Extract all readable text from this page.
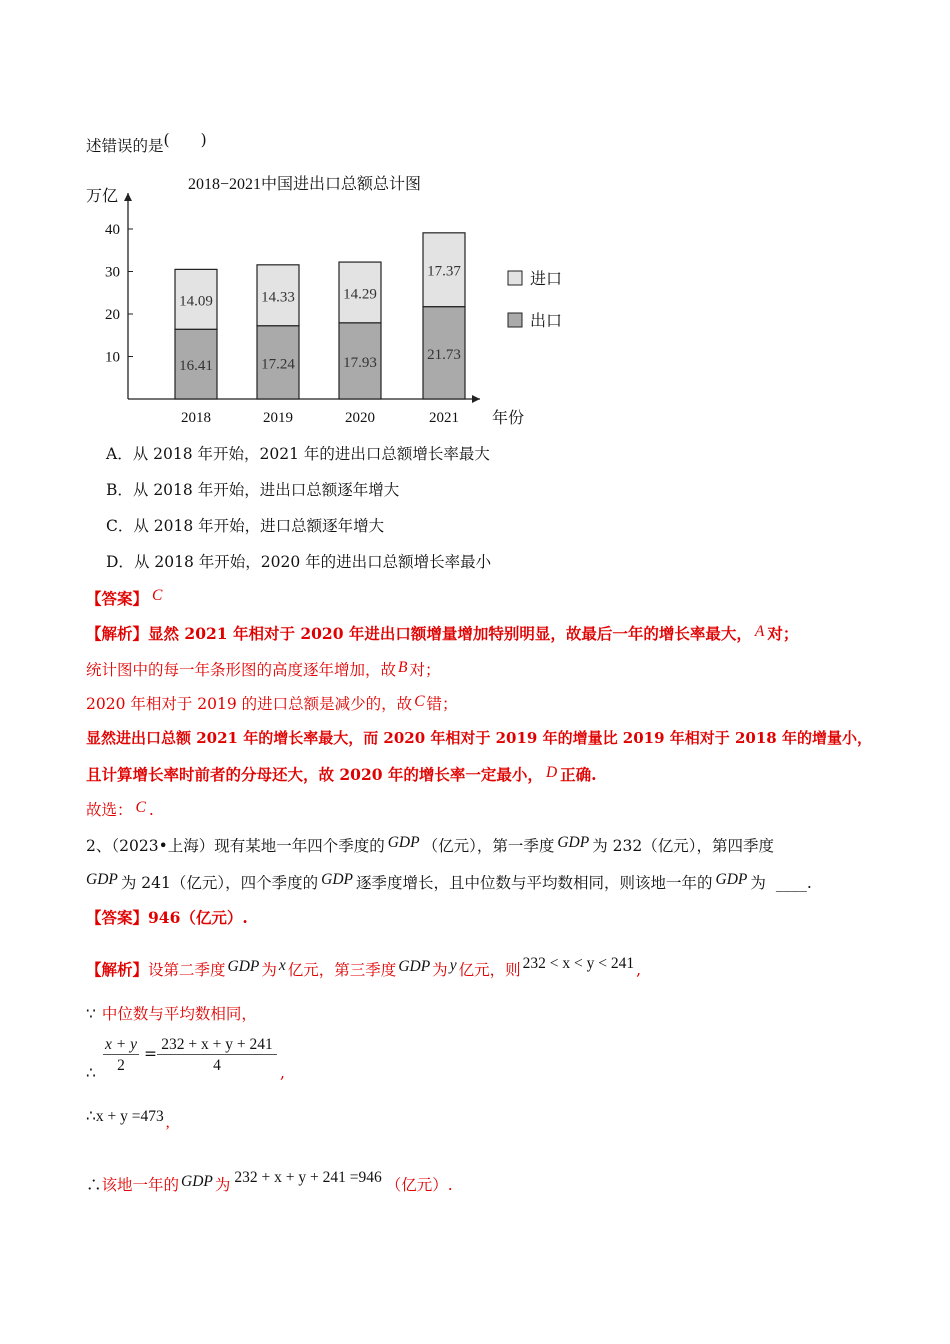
述错误的是(　　)
2018−2021中国进出口总额总计图
万亿
年份
10
20
30
40
16.41
14.09
2018
17.24
14.33
2019
17.93
14.29
2020
21.73
17.37
2021
进口
出口
A．从 2018 年开始，2021 年的进出口总额增长率最大
B．从 2018 年开始，进出口总额逐年增大
C．从 2018 年开始，进口总额逐年增大
D．从 2018 年开始，2020 年的进出口总额增长率最小
【答案】 C
【解析】显然 2021 年相对于 2020 年进出口额增量增加特别明显，故最后一年的增长率最大， A 对；
统计图中的每一年条形图的高度逐年增加，故 B 对；
2020 年相对于 2019 的进口总额是减少的，故 C 错；
显然进出口总额 2021 年的增长率最大，而 2020 年相对于 2019 年的增量比 2019 年相对于 2018 年的增量小，
且计算增长率时前者的分母还大，故 2020 年的增长率一定最小， D 正确.
故选： C .
2、（2023•上海）现有某地一年四个季度的 GDP （亿元），第一季度 GDP 为 232（亿元），第四季度
GDP 为 241（亿元），四个季度的 GDP 逐季度增长，且中位数与平均数相同，则该地一年的 GDP 为 ____.
【答案】946（亿元）.
【解析】设第二季度 GDP 为 x 亿元，第三季度 GDP 为 y 亿元，则 232 < x < y < 241 ,
∵ 中位数与平均数相同，
∴ $\frac{x + y}{2} = \frac{232 + x + y + 241}{4}$ ,
∴x + y =473 ,
∴该地一年的 GDP 为 232 + x + y + 241 =946 （亿元）.
